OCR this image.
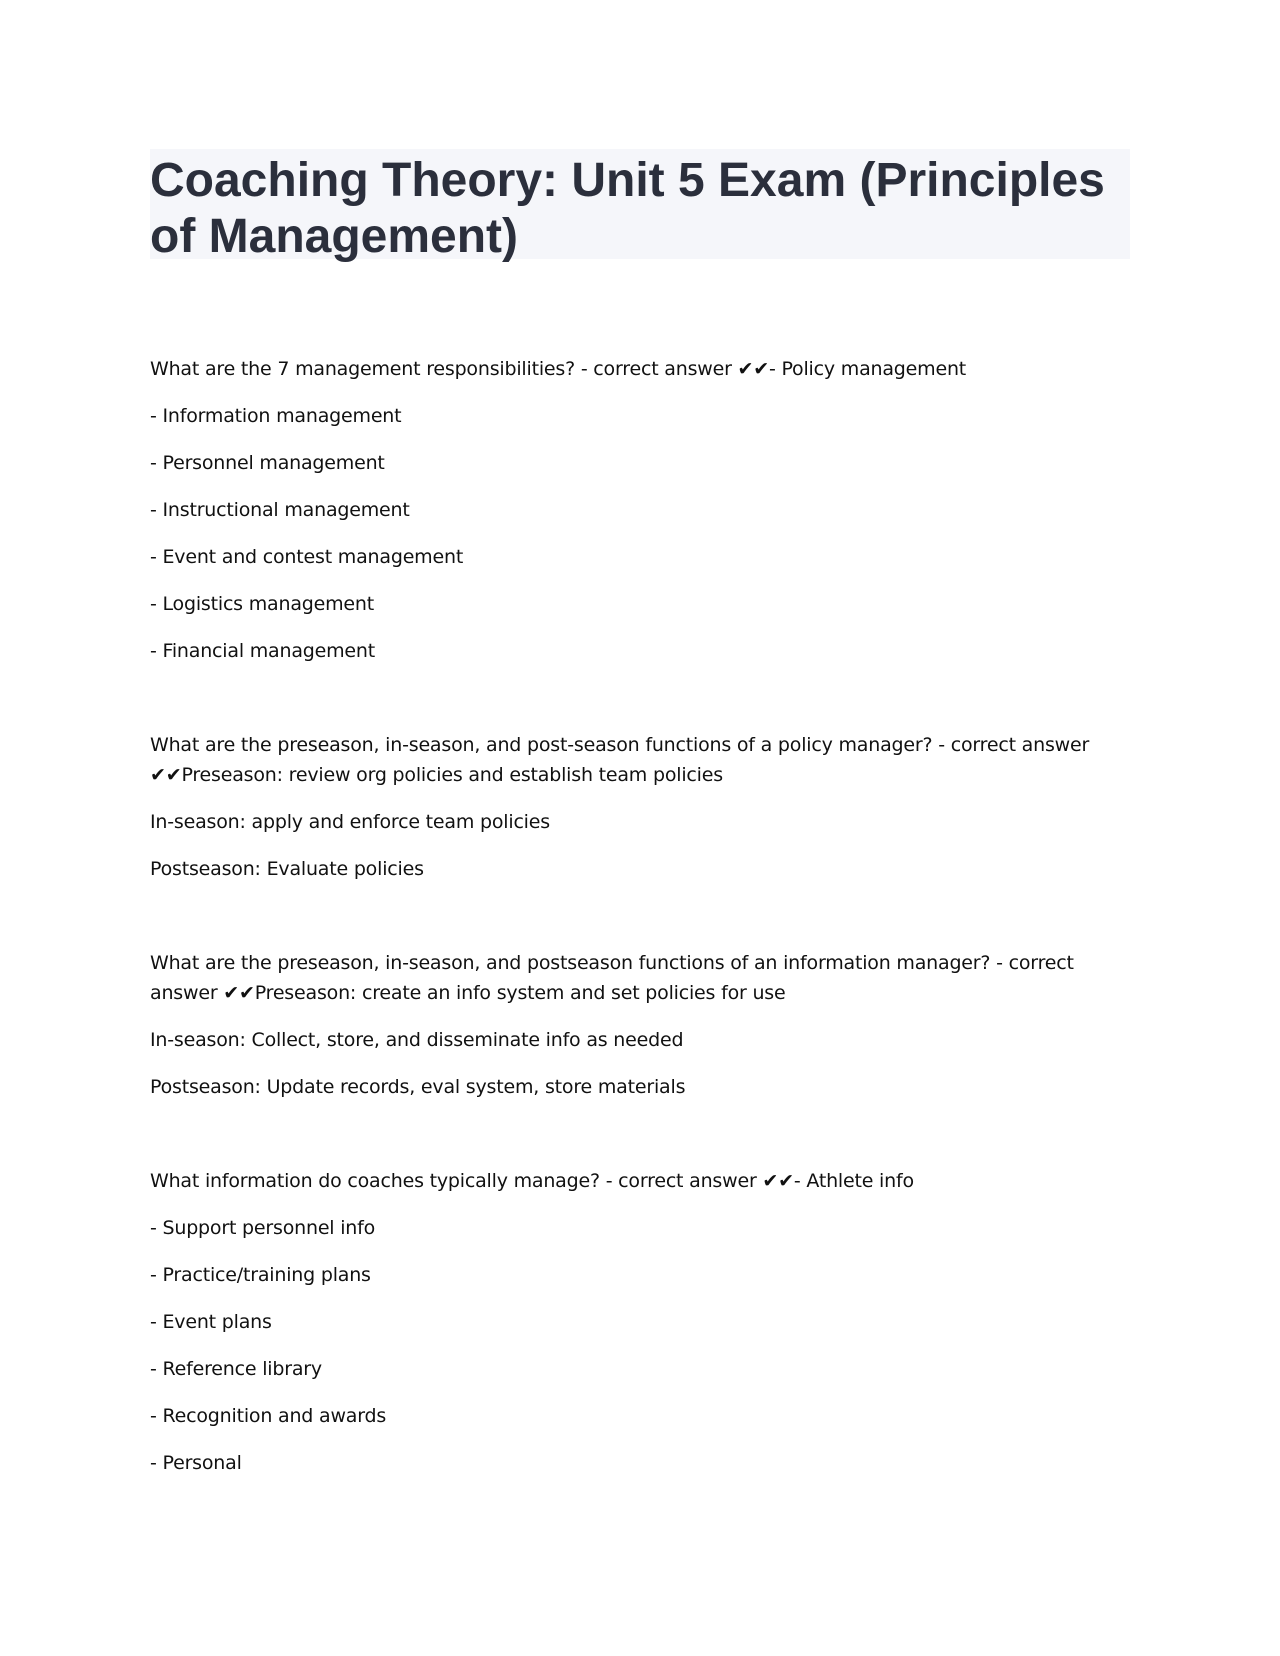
Coaching Theory: Unit 5 Exam (Principles of Management)

What are the 7 management responsibilities? - correct answer ✔✔- Policy management

- Information management

- Personnel management

- Instructional management

- Event and contest management

- Logistics management

- Financial management

What are the preseason, in-season, and post-season functions of a policy manager? - correct answer ✔✔Preseason: review org policies and establish team policies

In-season: apply and enforce team policies

Postseason: Evaluate policies

What are the preseason, in-season, and postseason functions of an information manager? - correct answer ✔✔Preseason: create an info system and set policies for use

In-season: Collect, store, and disseminate info as needed

Postseason: Update records, eval system, store materials

What information do coaches typically manage? - correct answer ✔✔- Athlete info

- Support personnel info

- Practice/training plans

- Event plans

- Reference library

- Recognition and awards

- Personal
